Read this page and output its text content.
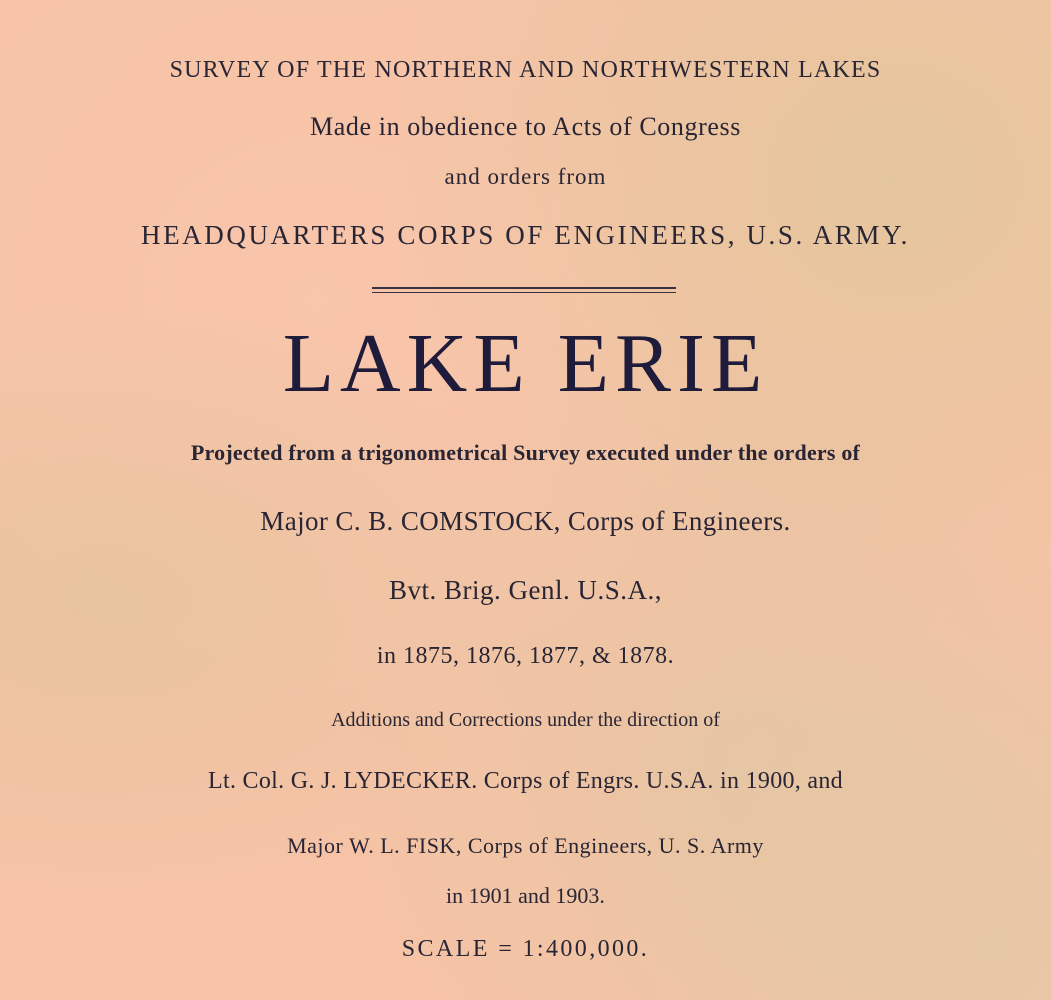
SURVEY OF THE NORTHERN AND NORTHWESTERN LAKES
Made in obedience to Acts of Congress
and orders from
HEADQUARTERS CORPS OF ENGINEERS, U.S. ARMY.
LAKE ERIE
Projected from a trigonometrical Survey executed under the orders of
Major C. B. COMSTOCK, Corps of Engineers.
Bvt. Brig. Genl. U.S.A.,
in 1875, 1876, 1877, & 1878.
Additions and Corrections under the direction of
Lt. Col. G. J. LYDECKER. Corps of Engrs. U.S.A. in 1900, and
Major W. L. FISK, Corps of Engineers, U. S. Army
in 1901 and 1903.
SCALE = 1:400,000.
